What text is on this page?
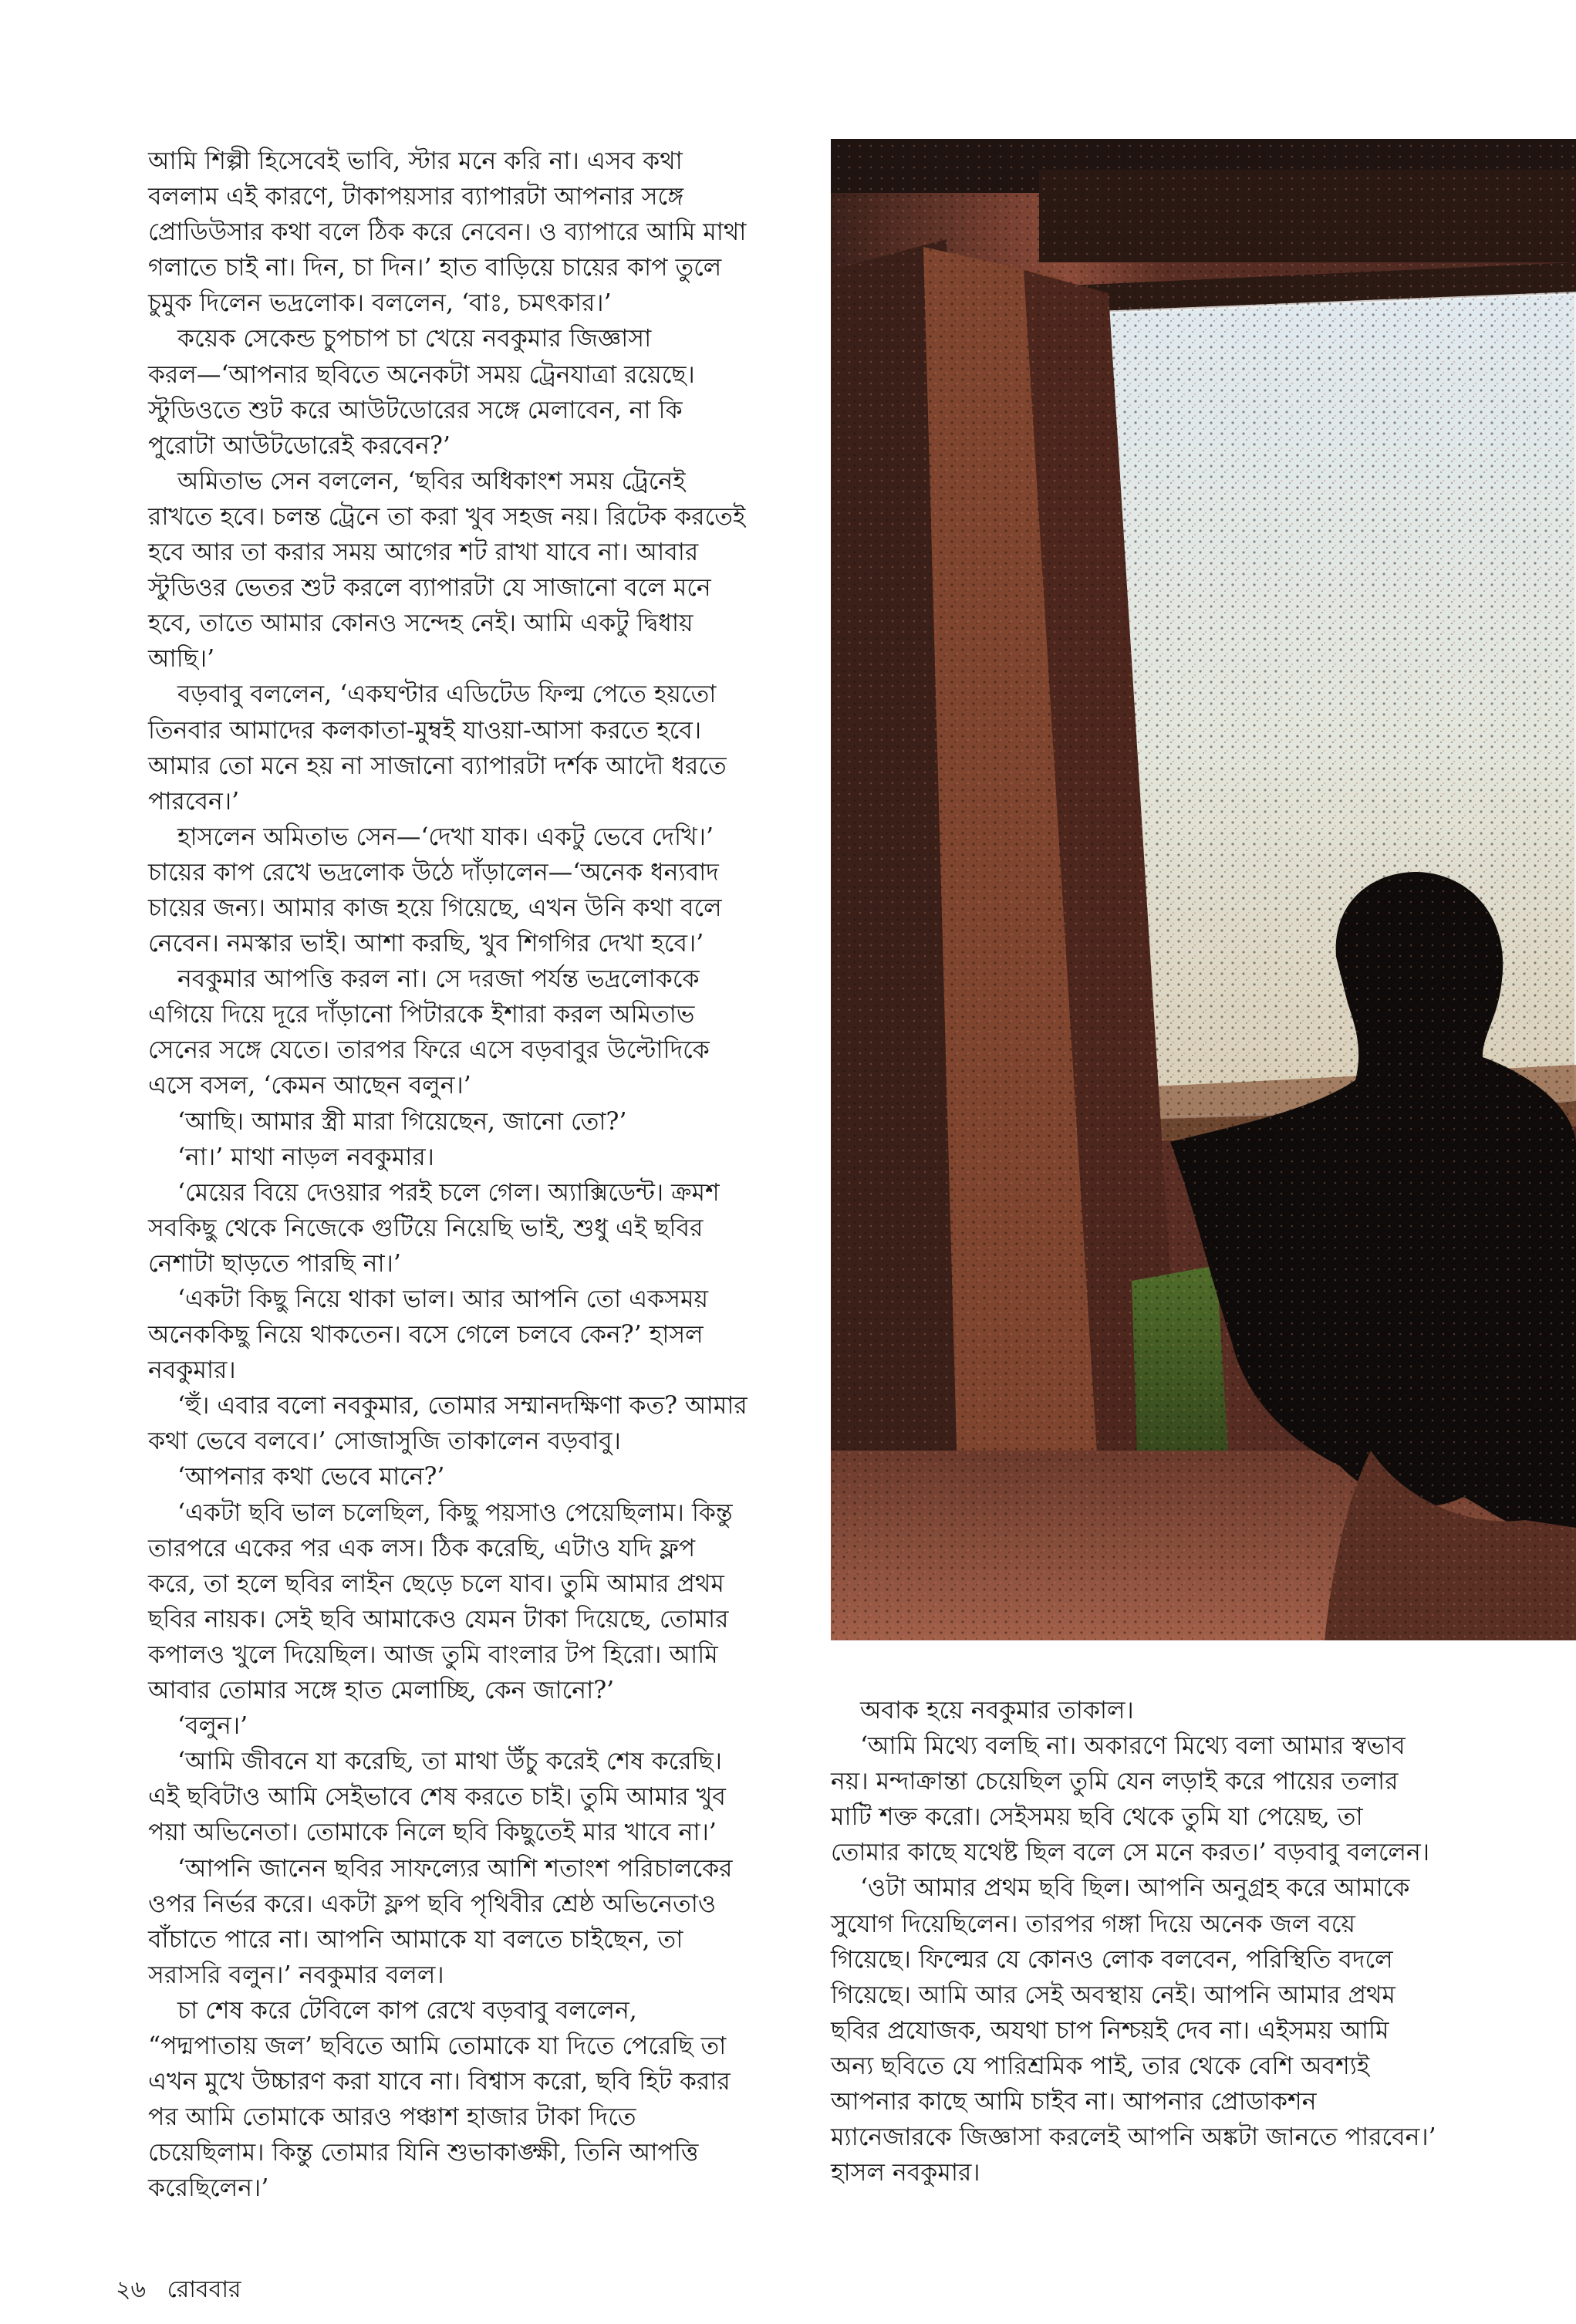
আমি শিল্পী হিসেবেই ভাবি, স্টার মনে করি না। এসব কথা
বললাম এই কারণে, টাকাপয়সার ব্যাপারটা আপনার সঙ্গে
প্রোডিউসার কথা বলে ঠিক করে নেবেন। ও ব্যাপারে আমি মাথা
গলাতে চাই না। দিন, চা দিন।’ হাত বাড়িয়ে চায়ের কাপ তুলে
চুমুক দিলেন ভদ্রলোক। বললেন, ‘বাঃ, চমৎকার।’

কয়েক সেকেন্ড চুপচাপ চা খেয়ে নবকুমার জিজ্ঞাসা
করল—‘আপনার ছবিতে অনেকটা সময় ট্রেনযাত্রা রয়েছে।
স্টুডিওতে শুট করে আউটডোরের সঙ্গে মেলাবেন, না কি
পুরোটা আউটডোরেই করবেন?’

অমিতাভ সেন বললেন, ‘ছবির অধিকাংশ সময় ট্রেনেই
রাখতে হবে। চলন্ত ট্রেনে তা করা খুব সহজ নয়। রিটেক করতেই
হবে আর তা করার সময় আগের শট রাখা যাবে না। আবার
স্টুডিওর ভেতর শুট করলে ব্যাপারটা যে সাজানো বলে মনে
হবে, তাতে আমার কোনও সন্দেহ নেই। আমি একটু দ্বিধায়
আছি।’

বড়বাবু বললেন, ‘একঘণ্টার এডিটেড ফিল্ম পেতে হয়তো
তিনবার আমাদের কলকাতা-মুম্বই যাওয়া-আসা করতে হবে।
আমার তো মনে হয় না সাজানো ব্যাপারটা দর্শক আদৌ ধরতে
পারবেন।’

হাসলেন অমিতাভ সেন—‘দেখা যাক। একটু ভেবে দেখি।’
চায়ের কাপ রেখে ভদ্রলোক উঠে দাঁড়ালেন—‘অনেক ধন্যবাদ
চায়ের জন্য। আমার কাজ হয়ে গিয়েছে, এখন উনি কথা বলে
নেবেন। নমস্কার ভাই। আশা করছি, খুব শিগগির দেখা হবে।’

নবকুমার আপত্তি করল না। সে দরজা পর্যন্ত ভদ্রলোককে
এগিয়ে দিয়ে দূরে দাঁড়ানো পিটারকে ইশারা করল অমিতাভ
সেনের সঙ্গে যেতে। তারপর ফিরে এসে বড়বাবুর উল্টোদিকে
এসে বসল, ‘কেমন আছেন বলুন।’

‘আছি। আমার স্ত্রী মারা গিয়েছেন, জানো তো?’

‘না।’ মাথা নাড়ল নবকুমার।

‘মেয়ের বিয়ে দেওয়ার পরই চলে গেল। অ্যাক্সিডেন্ট। ক্রমশ
সবকিছু থেকে নিজেকে গুটিয়ে নিয়েছি ভাই, শুধু এই ছবির
নেশাটা ছাড়তে পারছি না।’

‘একটা কিছু নিয়ে থাকা ভাল। আর আপনি তো একসময়
অনেককিছু নিয়ে থাকতেন। বসে গেলে চলবে কেন?’ হাসল
নবকুমার।

‘হুঁ। এবার বলো নবকুমার, তোমার সম্মানদক্ষিণা কত? আমার
কথা ভেবে বলবে।’ সোজাসুজি তাকালেন বড়বাবু।

‘আপনার কথা ভেবে মানে?’

‘একটা ছবি ভাল চলেছিল, কিছু পয়সাও পেয়েছিলাম। কিন্তু
তারপরে একের পর এক লস। ঠিক করেছি, এটাও যদি ফ্লপ
করে, তা হলে ছবির লাইন ছেড়ে চলে যাব। তুমি আমার প্রথম
ছবির নায়ক। সেই ছবি আমাকেও যেমন টাকা দিয়েছে, তোমার
কপালও খুলে দিয়েছিল। আজ তুমি বাংলার টপ হিরো। আমি
আবার তোমার সঙ্গে হাত মেলাচ্ছি, কেন জানো?’

‘বলুন।’

‘আমি জীবনে যা করেছি, তা মাথা উঁচু করেই শেষ করেছি।
এই ছবিটাও আমি সেইভাবে শেষ করতে চাই। তুমি আমার খুব
পয়া অভিনেতা। তোমাকে নিলে ছবি কিছুতেই মার খাবে না।’

‘আপনি জানেন ছবির সাফল্যের আশি শতাংশ পরিচালকের
ওপর নির্ভর করে। একটা ফ্লপ ছবি পৃথিবীর শ্রেষ্ঠ অভিনেতাও
বাঁচাতে পারে না। আপনি আমাকে যা বলতে চাইছেন, তা
সরাসরি বলুন।’ নবকুমার বলল।

চা শেষ করে টেবিলে কাপ রেখে বড়বাবু বললেন,
“পদ্মপাতায় জল’ ছবিতে আমি তোমাকে যা দিতে পেরেছি তা
এখন মুখে উচ্চারণ করা যাবে না। বিশ্বাস করো, ছবি হিট করার
পর আমি তোমাকে আরও পঞ্চাশ হাজার টাকা দিতে
চেয়েছিলাম। কিন্তু তোমার যিনি শুভাকাঙ্ক্ষী, তিনি আপত্তি
করেছিলেন।’

অবাক হয়ে নবকুমার তাকাল।

‘আমি মিথ্যে বলছি না। অকারণে মিথ্যে বলা আমার স্বভাব
নয়। মন্দাক্রান্তা চেয়েছিল তুমি যেন লড়াই করে পায়ের তলার
মাটি শক্ত করো। সেইসময় ছবি থেকে তুমি যা পেয়েছ, তা
তোমার কাছে যথেষ্ট ছিল বলে সে মনে করত।’ বড়বাবু বললেন।

‘ওটা আমার প্রথম ছবি ছিল। আপনি অনুগ্রহ করে আমাকে
সুযোগ দিয়েছিলেন। তারপর গঙ্গা দিয়ে অনেক জল বয়ে
গিয়েছে। ফিল্মের যে কোনও লোক বলবেন, পরিস্থিতি বদলে
গিয়েছে। আমি আর সেই অবস্থায় নেই। আপনি আমার প্রথম
ছবির প্রযোজক, অযথা চাপ নিশ্চয়ই দেব না। এইসময় আমি
অন্য ছবিতে যে পারিশ্রমিক পাই, তার থেকে বেশি অবশ্যই
আপনার কাছে আমি চাইব না। আপনার প্রোডাকশন
ম্যানেজারকে জিজ্ঞাসা করলেই আপনি অঙ্কটা জানতে পারবেন।’
হাসল নবকুমার।

২৬ রোববার
